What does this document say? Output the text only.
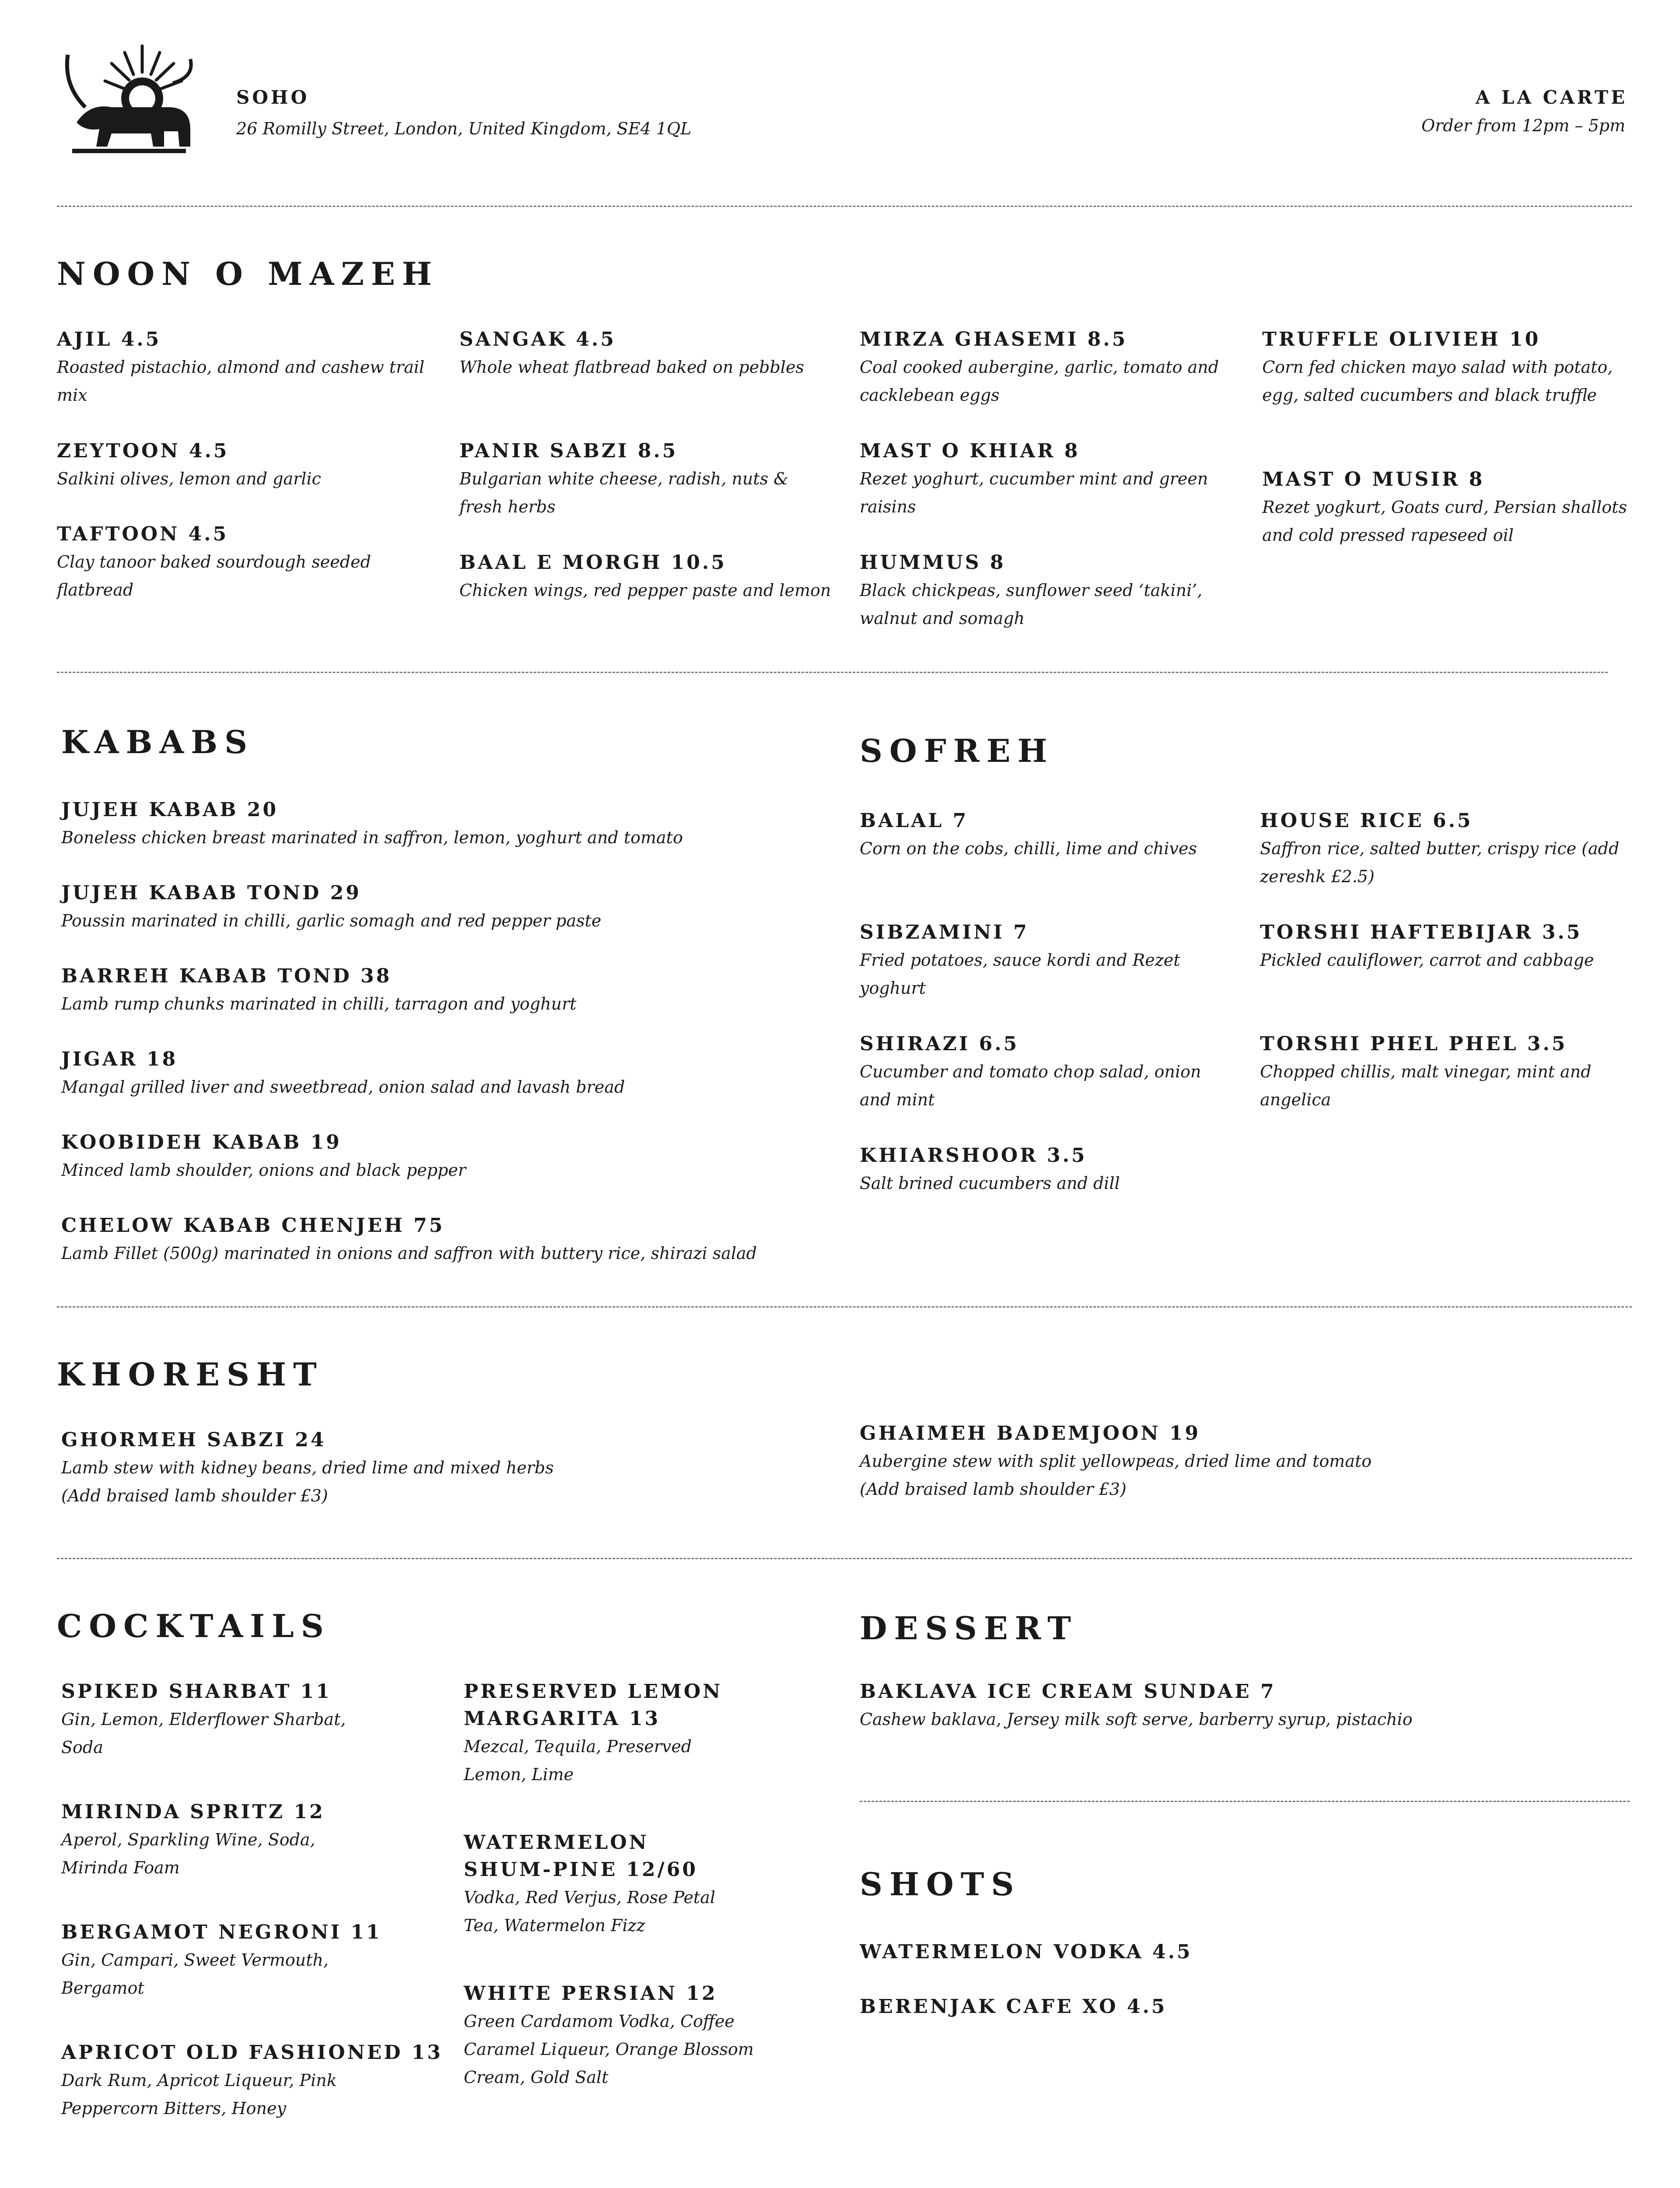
SOHO
26 Romilly Street, London, United Kingdom, SE4 1QL
A LA CARTE
Order from 12pm – 5pm
NOON O MAZEH
AJIL 4.5
Roasted pistachio, almond and cashew trail mix
ZEYTOON 4.5
Salkini olives, lemon and garlic
TAFTOON 4.5
Clay tanoor baked sourdough seeded flatbread
SANGAK 4.5
Whole wheat flatbread baked on pebbles
PANIR SABZI 8.5
Bulgarian white cheese, radish, nuts & fresh herbs
BAAL E MORGH 10.5
Chicken wings, red pepper paste and lemon
MIRZA GHASEMI 8.5
Coal cooked aubergine, garlic, tomato and cacklebean eggs
MAST O KHIAR 8
Rezet yoghurt, cucumber mint and green raisins
HUMMUS 8
Black chickpeas, sunflower seed ‘takini’, walnut and somagh
TRUFFLE OLIVIEH 10
Corn fed chicken mayo salad with potato, egg, salted cucumbers and black truffle
MAST O MUSIR 8
Rezet yogkurt, Goats curd, Persian shallots and cold pressed rapeseed oil
KABABS
JUJEH KABAB 20
Boneless chicken breast marinated in saffron, lemon, yoghurt and tomato
JUJEH KABAB TOND 29
Poussin marinated in chilli, garlic somagh and red pepper paste
BARREH KABAB TOND 38
Lamb rump chunks marinated in chilli, tarragon and yoghurt
JIGAR 18
Mangal grilled liver and sweetbread, onion salad and lavash bread
KOOBIDEH KABAB 19
Minced lamb shoulder, onions and black pepper
CHELOW KABAB CHENJEH 75
Lamb Fillet (500g) marinated in onions and saffron with buttery rice, shirazi salad
SOFREH
BALAL 7
Corn on the cobs, chilli, lime and chives
SIBZAMINI 7
Fried potatoes, sauce kordi and Rezet yoghurt
SHIRAZI 6.5
Cucumber and tomato chop salad, onion and mint
KHIARSHOOR 3.5
Salt brined cucumbers and dill
HOUSE RICE 6.5
Saffron rice, salted butter, crispy rice (add zereshk £2.5)
TORSHI HAFTEBIJAR 3.5
Pickled cauliflower, carrot and cabbage
TORSHI PHEL PHEL 3.5
Chopped chillis, malt vinegar, mint and angelica
KHORESHT
GHORMEH SABZI 24
Lamb stew with kidney beans, dried lime and mixed herbs
(Add braised lamb shoulder £3)
GHAIMEH BADEMJOON 19
Aubergine stew with split yellowpeas, dried lime and tomato
(Add braised lamb shoulder £3)
COCKTAILS
SPIKED SHARBAT 11
Gin, Lemon, Elderflower Sharbat, Soda
MIRINDA SPRITZ 12
Aperol, Sparkling Wine, Soda, Mirinda Foam
BERGAMOT NEGRONI 11
Gin, Campari, Sweet Vermouth, Bergamot
APRICOT OLD FASHIONED 13
Dark Rum, Apricot Liqueur, Pink Peppercorn Bitters, Honey
PRESERVED LEMON MARGARITA 13
Mezcal, Tequila, Preserved Lemon, Lime
WATERMELON SHUM-PINE 12/60
Vodka, Red Verjus, Rose Petal Tea, Watermelon Fizz
WHITE PERSIAN 12
Green Cardamom Vodka, Coffee Caramel Liqueur, Orange Blossom Cream, Gold Salt
DESSERT
BAKLAVA ICE CREAM SUNDAE 7
Cashew baklava, Jersey milk soft serve, barberry syrup, pistachio
SHOTS
WATERMELON VODKA 4.5
BERENJAK CAFE XO 4.5
